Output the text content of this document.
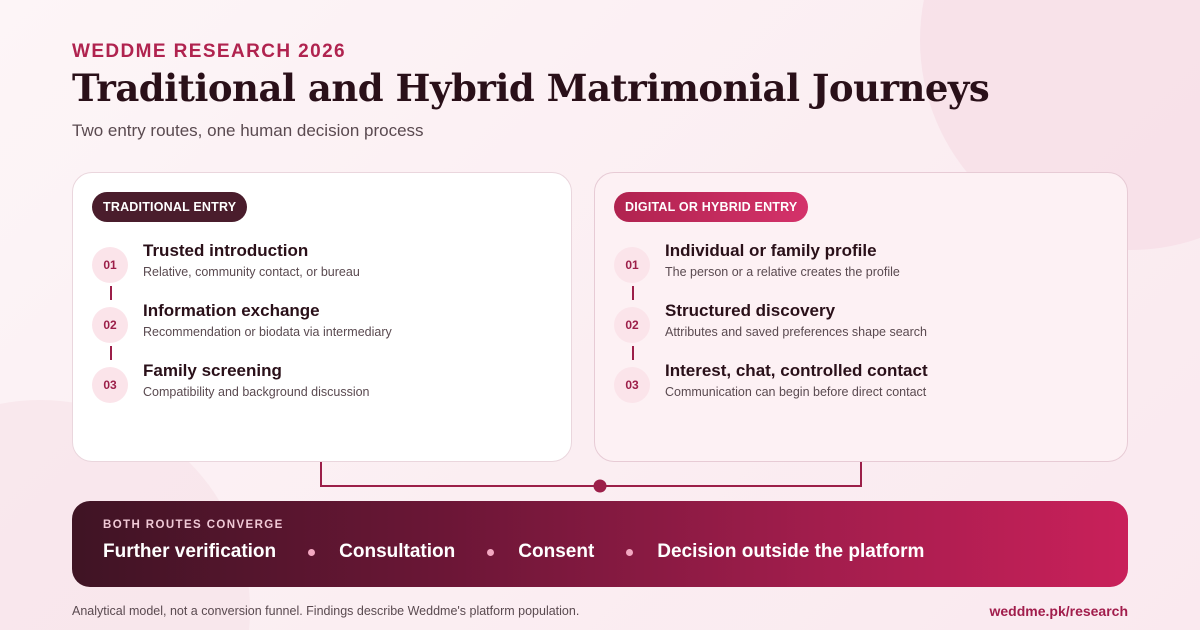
WEDDME RESEARCH 2026
Traditional and Hybrid Matrimonial Journeys
Two entry routes, one human decision process
TRADITIONAL ENTRY
01
Trusted introduction
Relative, community contact, or bureau
02
Information exchange
Recommendation or biodata via intermediary
03
Family screening
Compatibility and background discussion
DIGITAL OR HYBRID ENTRY
01
Individual or family profile
The person or a relative creates the profile
02
Structured discovery
Attributes and saved preferences shape search
03
Interest, chat, controlled contact
Communication can begin before direct contact
BOTH ROUTES CONVERGE
Further verification	Consultation	Consent	Decision outside the platform
Analytical model, not a conversion funnel. Findings describe Weddme's platform population.	weddme.pk/research
